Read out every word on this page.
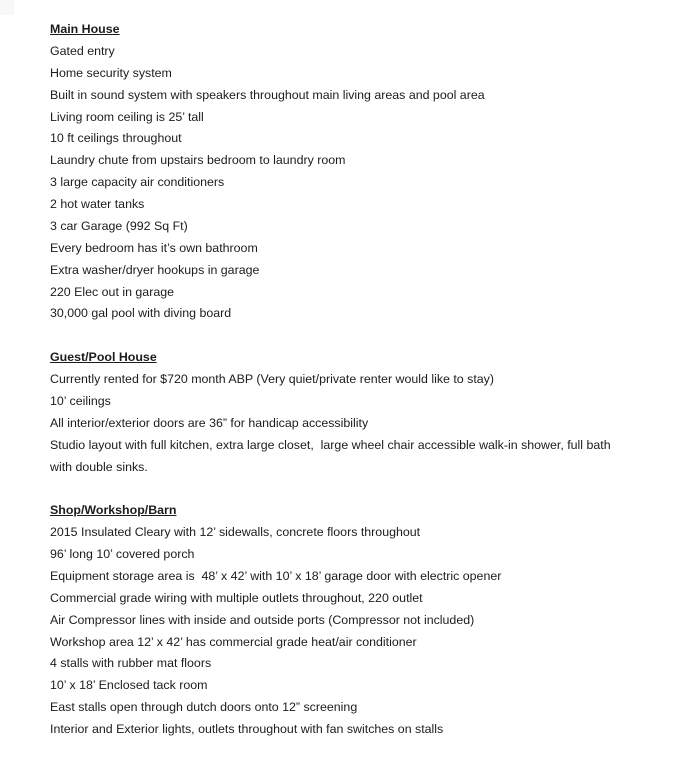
Main House

Gated entry

Home security system

Built in sound system with speakers throughout main living areas and pool area

Living room ceiling is 25’ tall

10 ft ceilings throughout

Laundry chute from upstairs bedroom to laundry room

3 large capacity air conditioners

2 hot water tanks

3 car Garage (992 Sq Ft)

Every bedroom has it’s own bathroom

Extra washer/dryer hookups in garage

220 Elec out in garage

30,000 gal pool with diving board

Guest/Pool House

Currently rented for $720 month ABP (Very quiet/private renter would like to stay)

10’ ceilings

All interior/exterior doors are 36” for handicap accessibility

Studio layout with full kitchen, extra large closet,  large wheel chair accessible walk-in shower, full bath with double sinks.

Shop/Workshop/Barn

2015 Insulated Cleary with 12’ sidewalls, concrete floors throughout

96’ long 10’ covered porch

Equipment storage area is  48’ x 42’ with 10’ x 18’ garage door with electric opener

Commercial grade wiring with multiple outlets throughout, 220 outlet

Air Compressor lines with inside and outside ports (Compressor not included)

Workshop area 12’ x 42’ has commercial grade heat/air conditioner

4 stalls with rubber mat floors

10’ x 18’ Enclosed tack room

East stalls open through dutch doors onto 12” screening

Interior and Exterior lights, outlets throughout with fan switches on stalls
